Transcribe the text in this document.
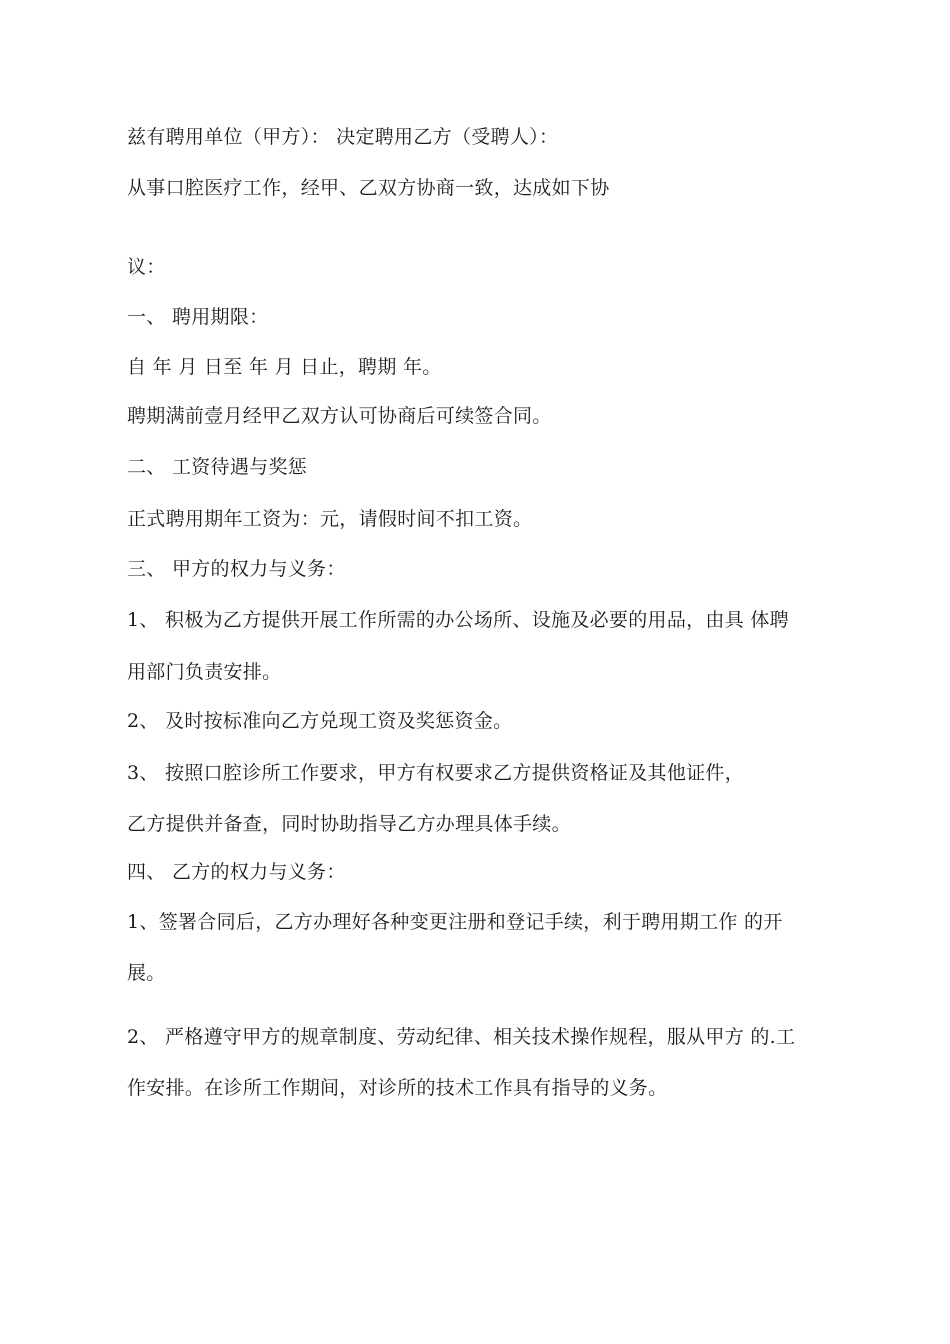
兹有聘用单位（甲方）： 决定聘用乙方（受聘人）：
从事口腔医疗工作，经甲、乙双方协商一致，达成如下协
议：
一、 聘用期限：
自 年 月 日至 年 月 日止，聘期 年。
聘期满前壹月经甲乙双方认可协商后可续签合同。
二、 工资待遇与奖惩
正式聘用期年工资为：元，请假时间不扣工资。
三、 甲方的权力与义务：
1、 积极为乙方提供开展工作所需的办公场所、设施及必要的用品，由具 体聘
用部门负责安排。
2、 及时按标准向乙方兑现工资及奖惩资金。
3、 按照口腔诊所工作要求，甲方有权要求乙方提供资格证及其他证件，
乙方提供并备查，同时协助指导乙方办理具体手续。
四、 乙方的权力与义务：
1、签署合同后，乙方办理好各种变更注册和登记手续，利于聘用期工作 的开
展。
2、 严格遵守甲方的规章制度、劳动纪律、相关技术操作规程，服从甲方 的.工
作安排。在诊所工作期间，对诊所的技术工作具有指导的义务。
